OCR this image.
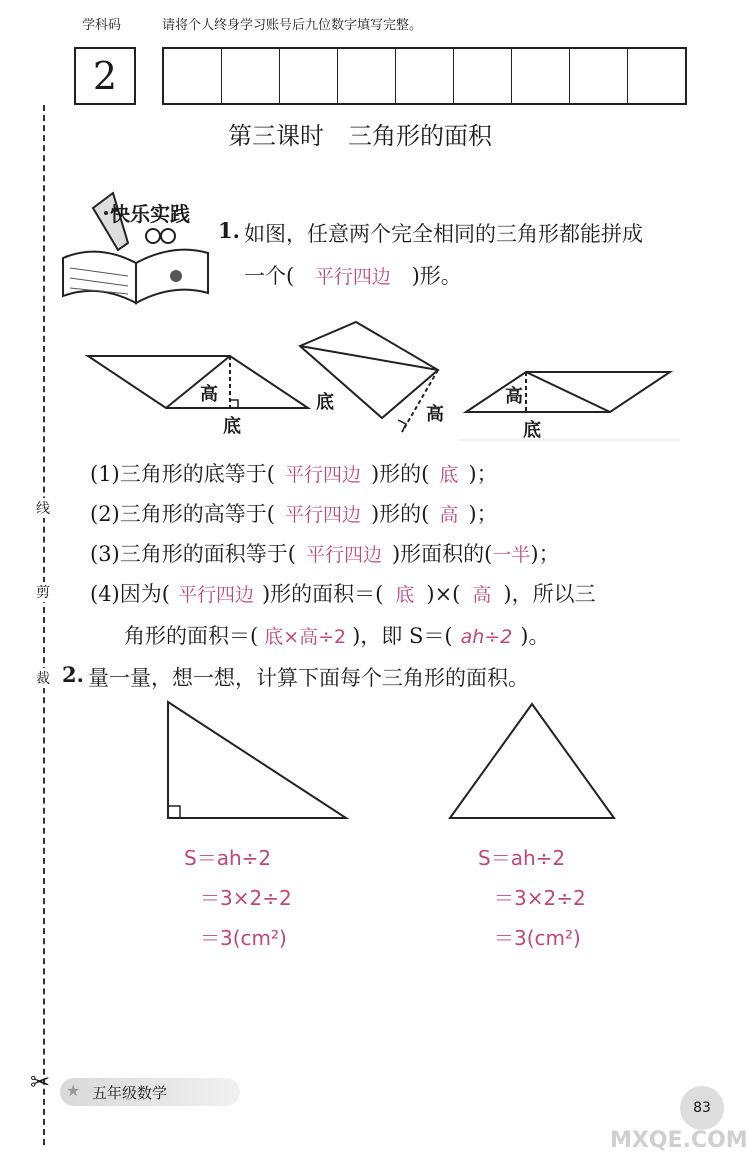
学科码	请将个人终身学习账号后九位数字填写完整。
2
线
剪
裁
第三课时　三角形的面积
快乐实践
1. 如图，任意两个完全相同的三角形都能拼成
一个( 平行四边 )形。
高
底
底
高
高
底
(1)三角形的底等于( 平行四边 )形的( 底 )；
(2)三角形的高等于( 平行四边 )形的( 高 )；
(3)三角形的面积等于( 平行四边 )形面积的(一半)；
(4)因为( 平行四边 )形的面积＝( 底 )×( 高 )，所以三
角形的面积＝( 底×高÷2 )，即 S＝( ah÷2 )。
2. 量一量，想一想，计算下面每个三角形的面积。
S＝ah÷2
＝3×2÷2
＝3(cm²)
S＝ah÷2
＝3×2÷2
＝3(cm²)
✂ ★ 五年级数学
83
MXQE.COM
